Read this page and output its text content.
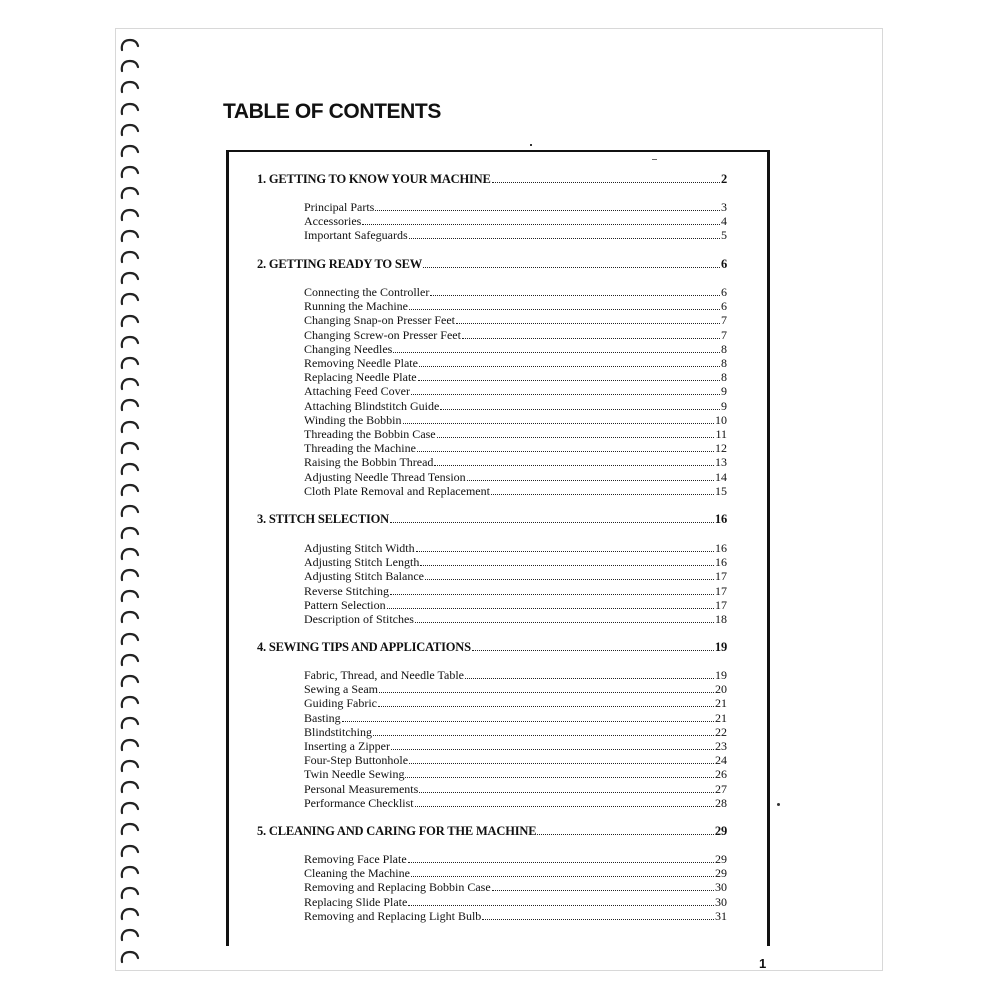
TABLE OF CONTENTS
1. GETTING TO KNOW YOUR MACHINE	2
Principal Parts	3
Accessories	4
Important Safeguards	5
2. GETTING READY TO SEW	6
Connecting the Controller	6
Running the Machine	6
Changing Snap-on Presser Feet	7
Changing Screw-on Presser Feet	7
Changing Needles	8
Removing Needle Plate	8
Replacing Needle Plate	8
Attaching Feed Cover	9
Attaching Blindstitch Guide	9
Winding the Bobbin	10
Threading the Bobbin Case	11
Threading the Machine	12
Raising the Bobbin Thread	13
Adjusting Needle Thread Tension	14
Cloth Plate Removal and Replacement	15
3. STITCH SELECTION	16
Adjusting Stitch Width	16
Adjusting Stitch Length	16
Adjusting Stitch Balance	17
Reverse Stitching	17
Pattern Selection	17
Description of Stitches	18
4. SEWING TIPS AND APPLICATIONS	19
Fabric, Thread, and Needle Table	19
Sewing a Seam	20
Guiding Fabric	21
Basting	21
Blindstitching	22
Inserting a Zipper	23
Four-Step Buttonhole	24
Twin Needle Sewing	26
Personal Measurements	27
Performance Checklist	28
5. CLEANING AND CARING FOR THE MACHINE	29
Removing Face Plate	29
Cleaning the Machine	29
Removing and Replacing Bobbin Case	30
Replacing Slide Plate	30
Removing and Replacing Light Bulb	31
1
